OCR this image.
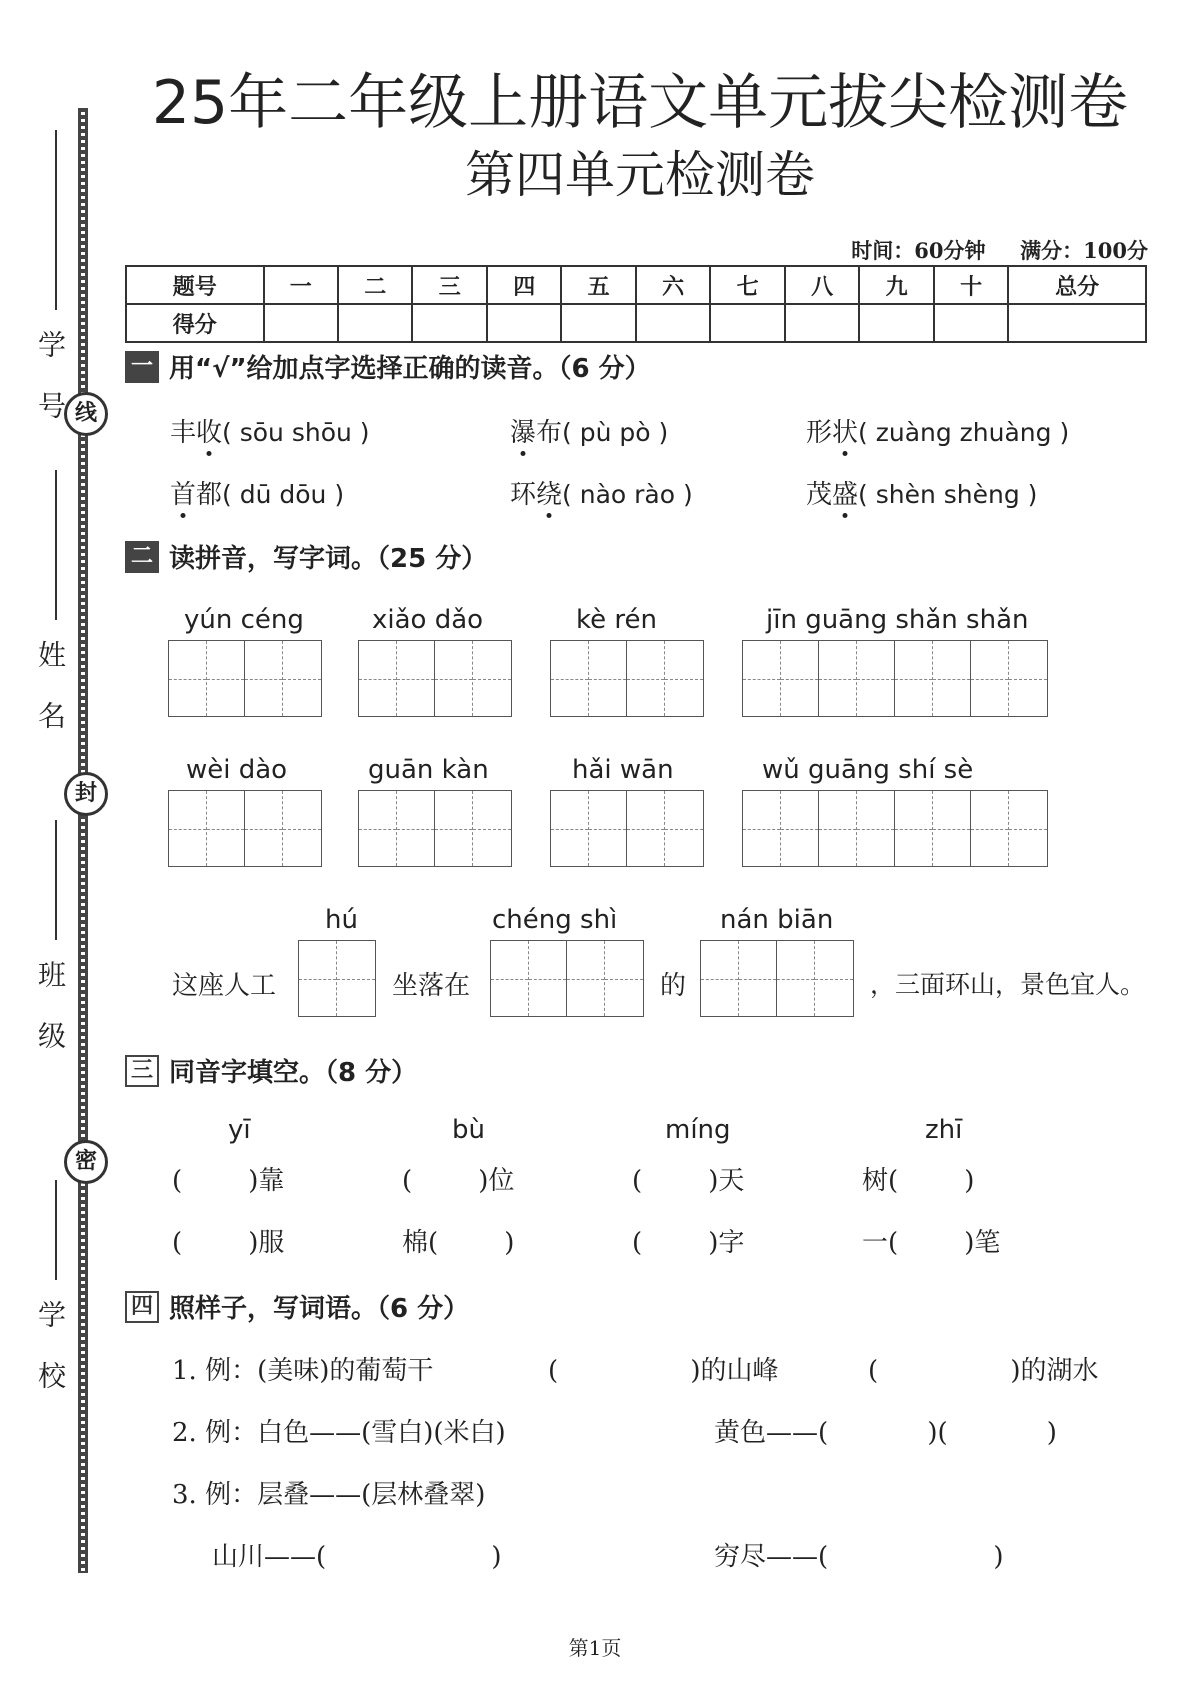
线
封
密
学 号
姓 名
班 级
学 校
25年二年级上册语文单元拔尖检测卷
第四单元检测卷
时间：60分钟 满分：100分
题号	一	二	三	四	五	六	七	八	九	十	总分
得分											
一 用“√”给加点字选择正确的读音。（6 分）
丰收( sōu shōu )	瀑布( pù pò )	形状( zuàng zhuàng )
首都( dū dōu )	环绕( nào rào )	茂盛( shèn shèng )
二 读拼音，写字词。（25 分）
yún céng	xiǎo dǎo	kè rén	jīn guāng shǎn shǎn
wèi dào	guān kàn	hǎi wān	wǔ guāng shí sè
hú	chéng shì	nán biān
这座人工	坐落在	的	，三面环山，景色宜人。
三 同音字填空。（8 分）
yī	bù	míng	zhī
(        )靠	(        )位	(        )天	树(        )
(        )服	棉(        )	(        )字	一(        )笔
四 照样子，写词语。（6 分）
1. 例：(美味)的葡萄干	(                )的山峰	(                )的湖水
2. 例：白色——(雪白)(米白)	黄色——(            )(            )
3. 例：层叠——(层林叠翠)
山川——(                    )	穷尽——(                    )
第1页
